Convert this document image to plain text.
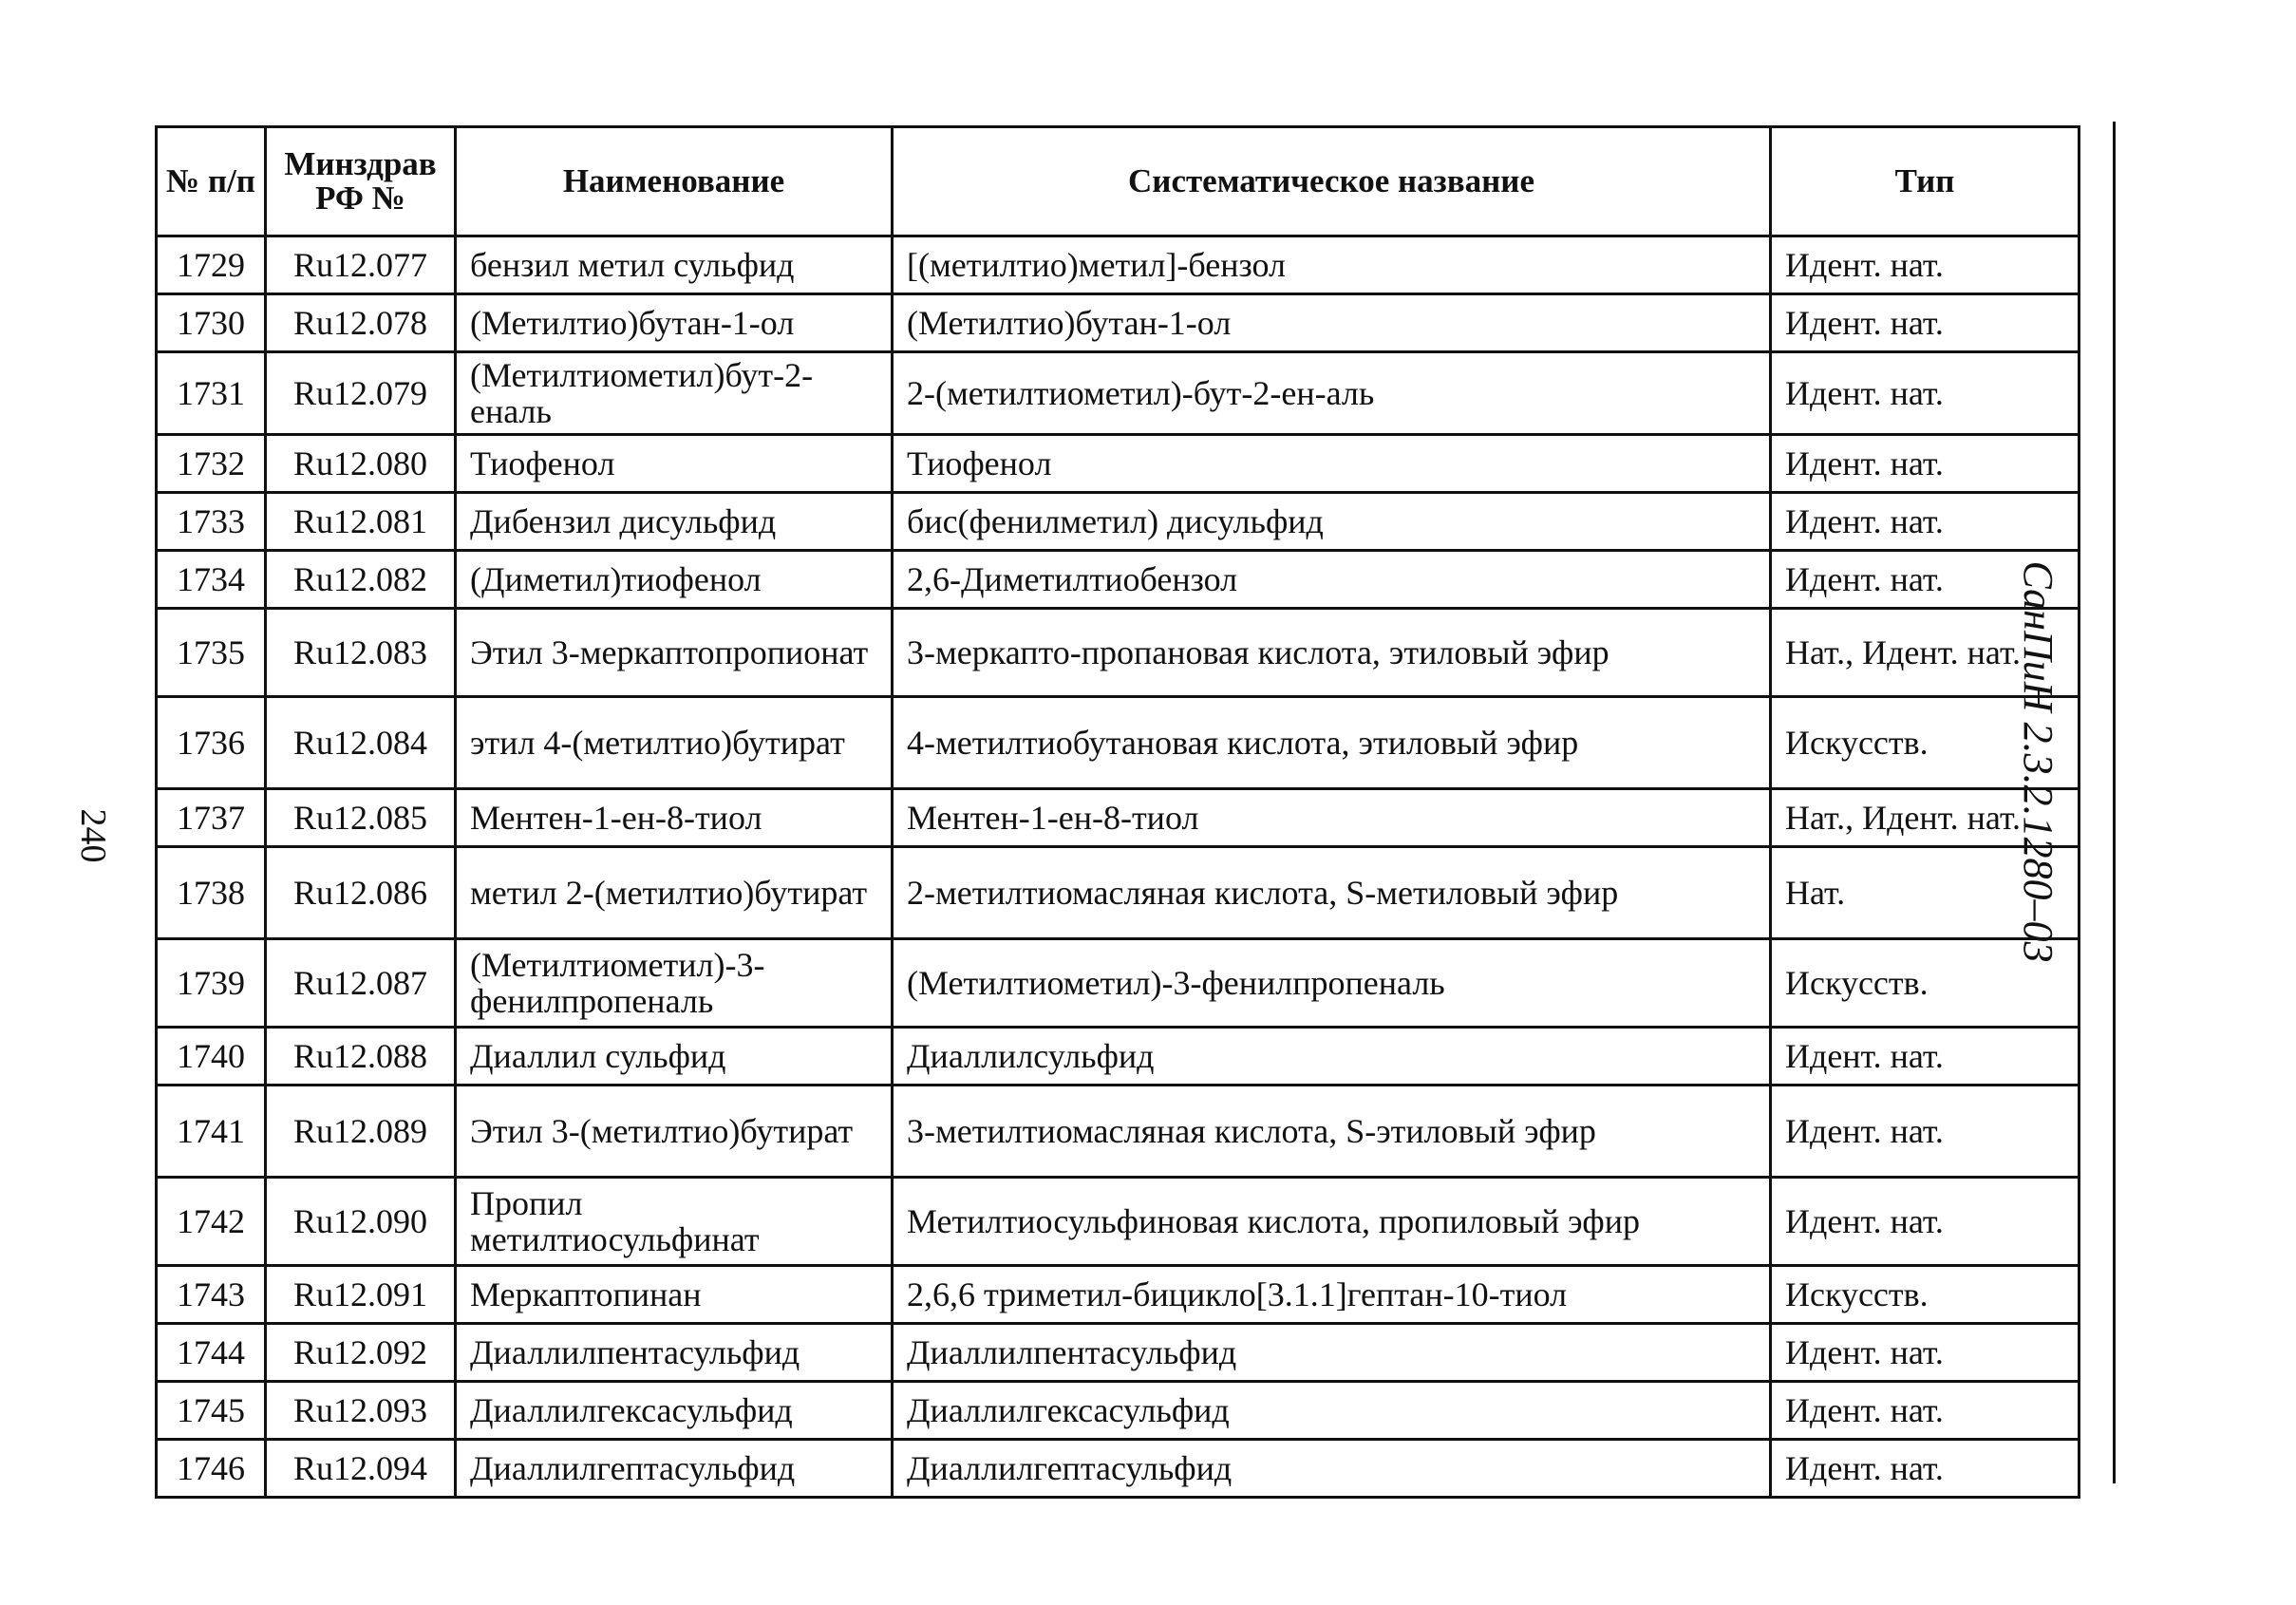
240	СанПиН 2.3.2.1280–03
№ п/п	Минздрав РФ №	Наименование	Систематическое название	Тип
1729	Ru12.077	бензил метил сульфид	[(метилтио)метил]-бензол	Идент. нат.
1730	Ru12.078	(Метилтио)бутан-1-ол	(Метилтио)бутан-1-ол	Идент. нат.
1731	Ru12.079	(Метилтиометил)бут-2-еналь	2-(метилтиометил)-бут-2-ен-аль	Идент. нат.
1732	Ru12.080	Тиофенол	Тиофенол	Идент. нат.
1733	Ru12.081	Дибензил дисульфид	бис(фенилметил) дисульфид	Идент. нат.
1734	Ru12.082	(Диметил)тиофенол	2,6-Диметилтиобензол	Идент. нат.
1735	Ru12.083	Этил 3-меркаптопропионат	3-меркапто-пропановая кислота, этиловый эфир	Нат., Идент. нат.
1736	Ru12.084	этил 4-(метилтио)бутират	4-метилтиобутановая кислота, этиловый эфир	Искусств.
1737	Ru12.085	Ментен-1-ен-8-тиол	Ментен-1-ен-8-тиол	Нат., Идент. нат.
1738	Ru12.086	метил 2-(метилтио)бутират	2-метилтиомасляная кислота, S-метиловый эфир	Нат.
1739	Ru12.087	(Метилтиометил)-3-фенилпропеналь	(Метилтиометил)-3-фенилпропеналь	Искусств.
1740	Ru12.088	Диаллил сульфид	Диаллилсульфид	Идент. нат.
1741	Ru12.089	Этил 3-(метилтио)бутират	3-метилтиомасляная кислота, S-этиловый эфир	Идент. нат.
1742	Ru12.090	Пропил метилтиосульфинат	Метилтиосульфиновая кислота, пропиловый эфир	Идент. нат.
1743	Ru12.091	Меркаптопинан	2,6,6 триметил-бицикло[3.1.1]гептан-10-тиол	Искусств.
1744	Ru12.092	Диаллилпентасульфид	Диаллилпентасульфид	Идент. нат.
1745	Ru12.093	Диаллилгексасульфид	Диаллилгексасульфид	Идент. нат.
1746	Ru12.094	Диаллилгептасульфид	Диаллилгептасульфид	Идент. нат.
